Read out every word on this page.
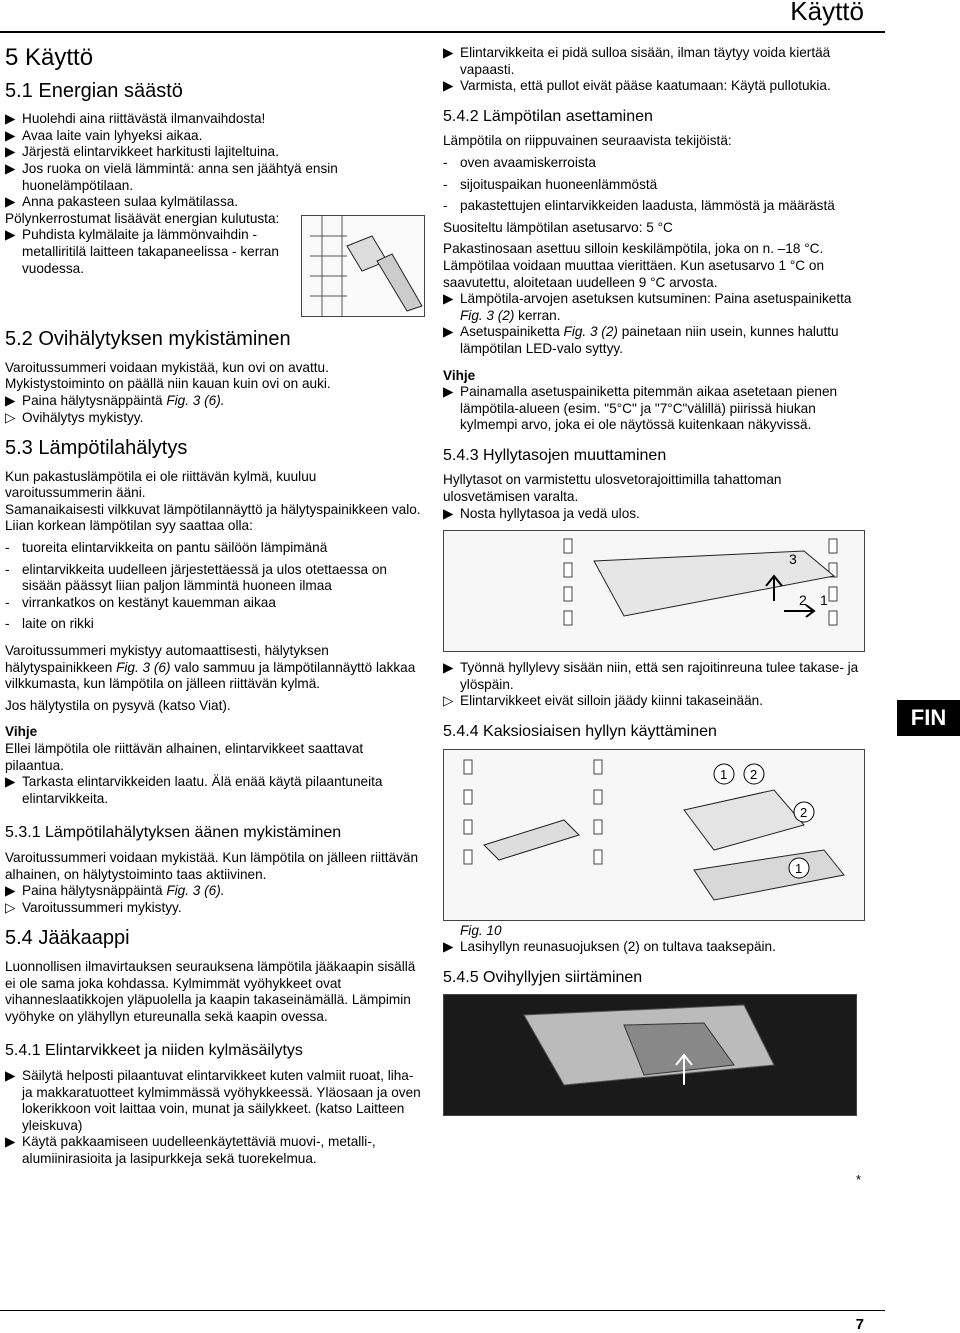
Käyttö
5 Käyttö
5.1 Energian säästö
▶ Huolehdi aina riittävästä ilmanvaihdosta!
▶ Avaa laite vain lyhyeksi aikaa.
▶ Järjestä elintarvikkeet harkitusti lajiteltuina.
▶ Jos ruoka on vielä lämmintä: anna sen jäähtyä ensin huonelämpötilaan.
▶ Anna pakasteen sulaa kylmätilassa.

Pölynkerrostumat lisäävät energian kulutusta:

▶ Puhdista kylmälaite ja lämmönvaihdin - metalliritilä laitteen takapaneelissa - kerran vuodessa.
5.2 Ovihälytyksen mykistäminen

Varoitussummeri voidaan mykistää, kun ovi on avattu. Mykistystoiminto on päällä niin kauan kuin ovi on auki.

▶ Paina hälytysnäppäintä Fig. 3 (6).
▷ Ovihälytys mykistyy.
5.3 Lämpötilahälytys

Kun pakastuslämpötila ei ole riittävän kylmä, kuuluu varoitussummerin ääni.

Samanaikaisesti vilkkuvat lämpötilannäyttö ja hälytyspainikkeen valo.

Liian korkean lämpötilan syy saattaa olla:

- tuoreita elintarvikkeita on pantu säilöön lämpimänä
- elintarvikkeita uudelleen järjestettäessä ja ulos otettaessa on sisään päässyt liian paljon lämmintä huoneen ilmaa
- virrankatkos on kestänyt kauemman aikaa
- laite on rikki

Varoitussummeri mykistyy automaattisesti, hälytyksen hälytyspainikkeen Fig. 3 (6) valo sammuu ja lämpötilannäyttö lakkaa vilkkumasta, kun lämpötila on jälleen riittävän kylmä.

Jos hälytystila on pysyvä (katso Viat).

Vihje

Ellei lämpötila ole riittävän alhainen, elintarvikkeet saattavat pilaantua.

▶ Tarkasta elintarvikkeiden laatu. Älä enää käytä pilaantuneita elintarvikkeita.
5.3.1 Lämpötilahälytyksen äänen mykistäminen

Varoitussummeri voidaan mykistää. Kun lämpötila on jälleen riittävän alhainen, on hälytystoiminto taas aktiivinen.

▶ Paina hälytysnäppäintä Fig. 3 (6).
▷ Varoitussummeri mykistyy.
5.4 Jääkaappi

Luonnollisen ilmavirtauksen seurauksena lämpötila jääkaapin sisällä ei ole sama joka kohdassa. Kylmimmät vyöhykkeet ovat vihanneslaatikkojen yläpuolella ja kaapin takaseinämällä. Lämpimin vyöhyke on ylähyllyn etureunalla sekä kaapin ovessa.

5.4.1 Elintarvikkeet ja niiden kylmäsäilytys
▶ Säilytä helposti pilaantuvat elintarvikkeet kuten valmiit ruoat, liha- ja makkaratuotteet kylmimmässä vyöhykkeessä. Yläosaan ja oven lokerikkoon voit laittaa voin, munat ja säilykkeet. (katso Laitteen yleiskuva)
▶ Käytä pakkaamiseen uudelleenkäytettäviä muovi-, metalli-, alumiinirasioita ja lasipurkkeja sekä tuorekelmua.
▶ Elintarvikkeita ei pidä sulloa sisään, ilman täytyy voida kiertää vapaasti.
▶ Varmista, että pullot eivät pääse kaatumaan: Käytä pullotukia.
5.4.2 Lämpötilan asettaminen

Lämpötila on riippuvainen seuraavista tekijöistä:

- oven avaamiskerroista
- sijoituspaikan huoneenlämmöstä
- pakastettujen elintarvikkeiden laadusta, lämmöstä ja määrästä

Suositeltu lämpötilan asetusarvo: 5 °C

Pakastinosaan asettuu silloin keskilämpötila, joka on n. –18 °C.

Lämpötilaa voidaan muuttaa vierittäen. Kun asetusarvo 1 °C on saavutettu, aloitetaan uudelleen 9 °C arvosta.

▶ Lämpötila-arvojen asetuksen kutsuminen: Paina asetuspainiketta Fig. 3 (2) kerran.
▶ Asetuspainiketta Fig. 3 (2) painetaan niin usein, kunnes haluttu lämpötilan LED-valo syttyy.

Vihje

▶ Painamalla asetuspainiketta pitemmän aikaa asetetaan pienen lämpötila-alueen (esim. "5°C" ja "7°C"välillä) piirissä hiukan kylmempi arvo, joka ei ole näytössä kuitenkaan näkyvissä.
5.4.3 Hyllytasojen muuttaminen

Hyllytasot on varmistettu ulosvetorajoittimilla tahattoman ulosvetämisen varalta.

▶ Nosta hyllytasoa ja vedä ulos.
3
2 1
▶ Työnnä hyllylevy sisään niin, että sen rajoitinreuna tulee takase- ja ylöspäin.
▷ Elintarvikkeet eivät silloin jäädy kiinni takaseinään.
5.4.4 Kaksiosiaisen hyllyn käyttäminen
1 2
2
1

Fig. 10

▶ Lasihyllyn reunasuojuksen (2) on tultava taaksepäin.
5.4.5 Ovihyllyjen siirtäminen
*
FIN
7
